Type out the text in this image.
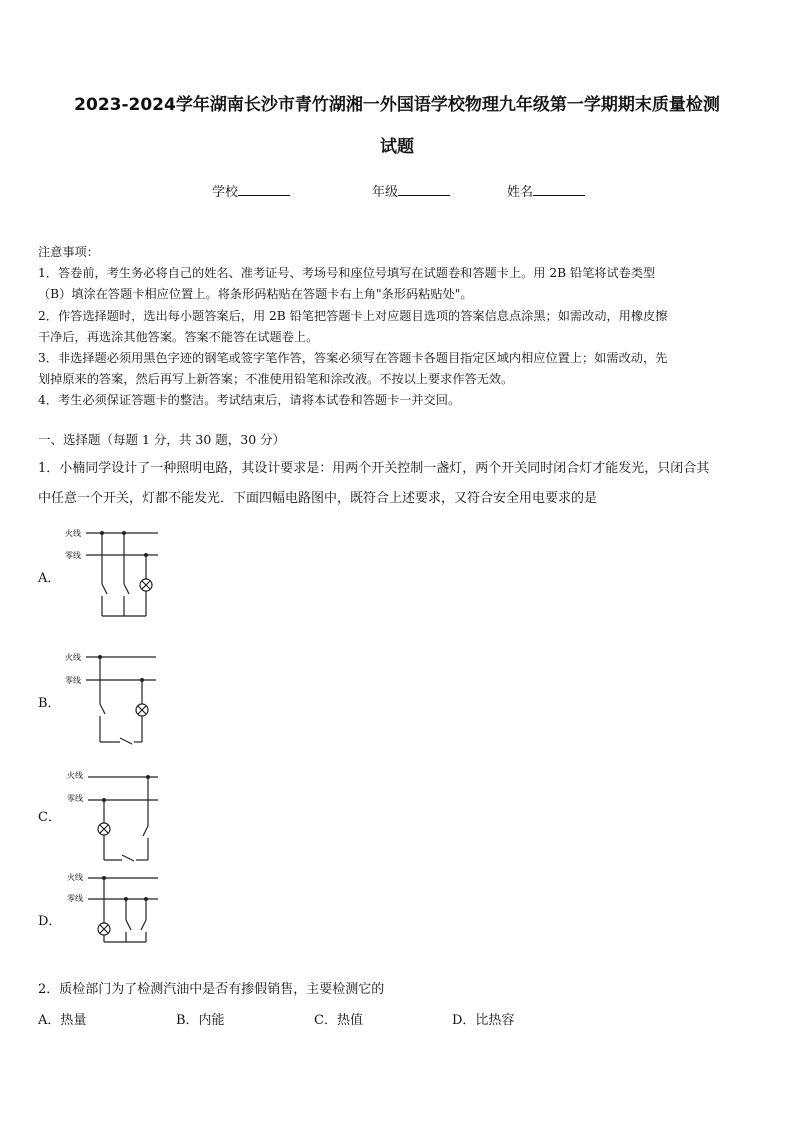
2023-2024学年湖南长沙市青竹湖湘一外国语学校物理九年级第一学期期末质量检测
试题
学校	年级	姓名
注意事项：
1．答卷前，考生务必将自己的姓名、准考证号、考场号和座位号填写在试题卷和答题卡上。用 2B 铅笔将试卷类型
（B）填涂在答题卡相应位置上。将条形码粘贴在答题卡右上角"条形码粘贴处"。
2．作答选择题时，选出每小题答案后，用 2B 铅笔把答题卡上对应题目选项的答案信息点涂黑；如需改动，用橡皮擦
干净后，再选涂其他答案。答案不能答在试题卷上。
3．非选择题必须用黑色字迹的钢笔或签字笔作答，答案必须写在答题卡各题目指定区域内相应位置上；如需改动，先
划掉原来的答案，然后再写上新答案；不准使用铅笔和涂改液。不按以上要求作答无效。
4．考生必须保证答题卡的整洁。考试结束后，请将本试卷和答题卡一并交回。
一、选择题（每题 1 分，共 30 题，30 分）
1．小楠同学设计了一种照明电路，其设计要求是：用两个开关控制一盏灯，两个开关同时闭合灯才能发光，只闭合其
中任意一个开关，灯都不能发光．下面四幅电路图中，既符合上述要求，又符合安全用电要求的是
A．
火线
零线
B．
火线
零线
C．
火线
零线
D．
火线
零线
2．质检部门为了检测汽油中是否有掺假销售，主要检测它的
A．热量	B．内能	C．热值	D．比热容
